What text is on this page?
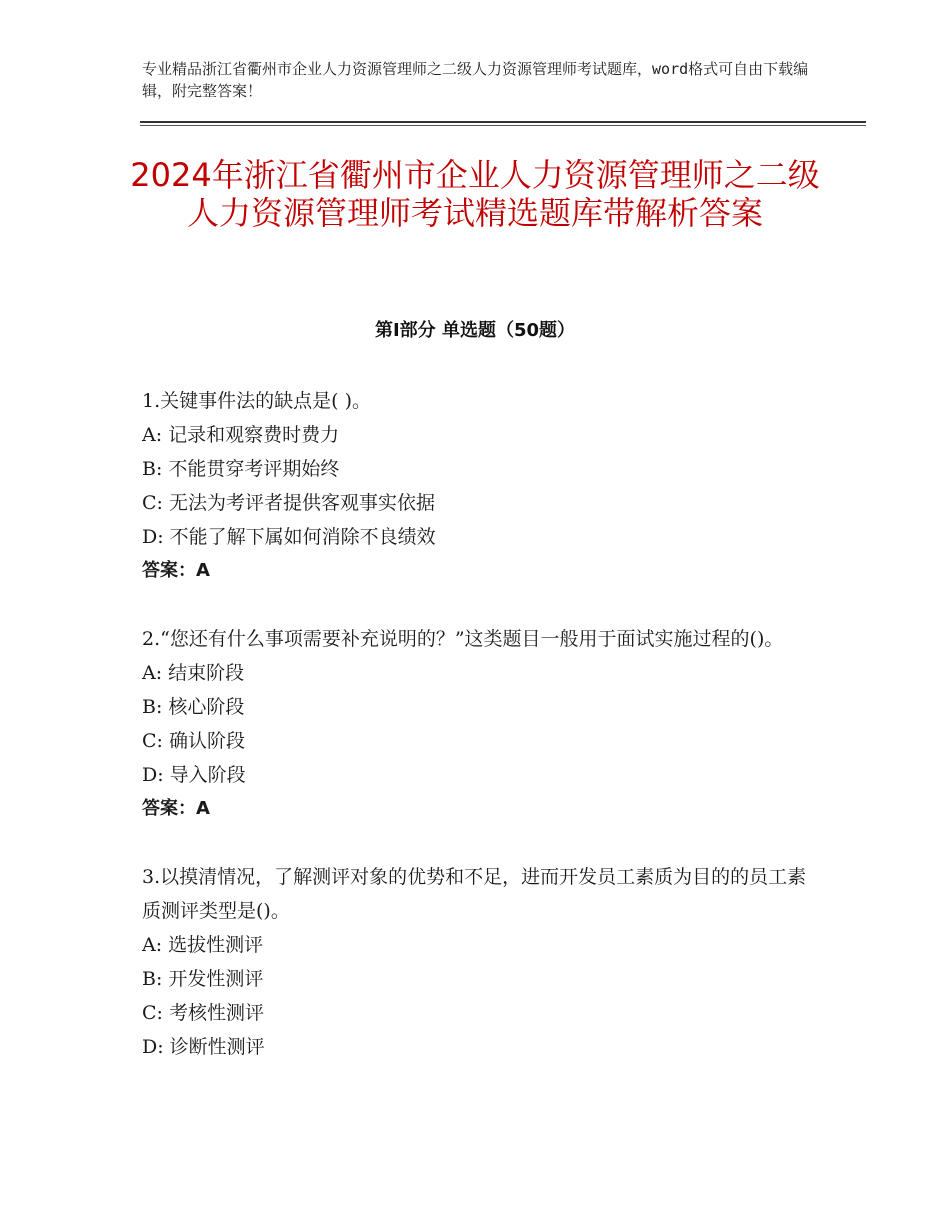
专业精品浙江省衢州市企业人力资源管理师之二级人力资源管理师考试题库，word格式可自由下载编辑，附完整答案！
2024年浙江省衢州市企业人力资源管理师之二级人力资源管理师考试精选题库带解析答案
第Ⅰ部分 单选题（50题）

1.关键事件法的缺点是( )。

A: 记录和观察费时费力

B: 不能贯穿考评期始终

C: 无法为考评者提供客观事实依据

D: 不能了解下属如何消除不良绩效

答案：A

2.“您还有什么事项需要补充说明的？”这类题目一般用于面试实施过程的()。

A: 结束阶段

B: 核心阶段

C: 确认阶段

D: 导入阶段

答案：A

3.以摸清情况，了解测评对象的优势和不足，进而开发员工素质为目的的员工素质测评类型是()。

A: 选拔性测评

B: 开发性测评

C: 考核性测评

D: 诊断性测评
